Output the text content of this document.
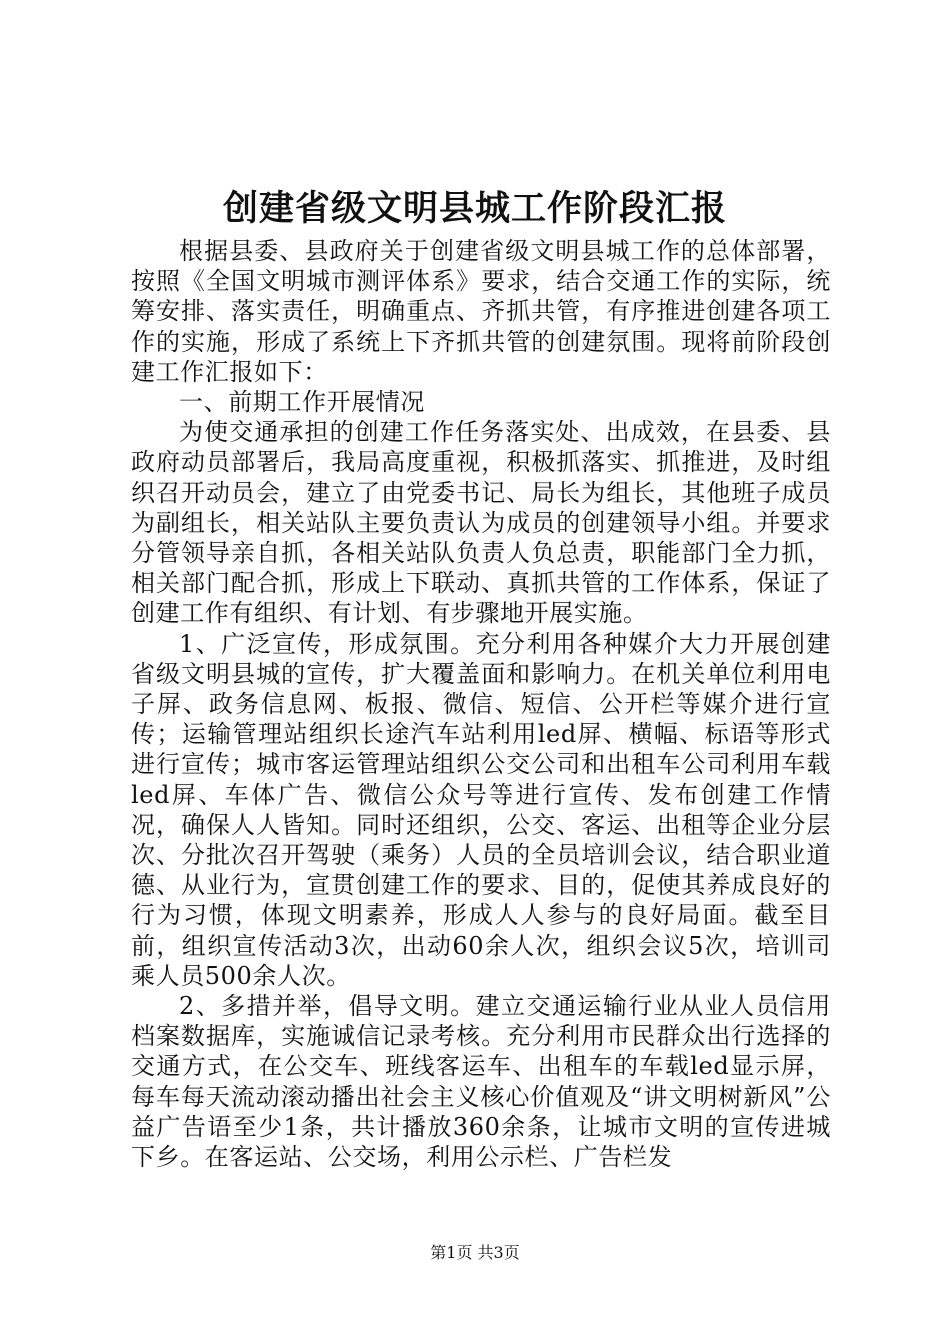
创建省级文明县城工作阶段汇报

根据县委、县政府关于创建省级文明县城工作的总体部署，按照《全国文明城市测评体系》要求，结合交通工作的实际，统筹安排、落实责任，明确重点、齐抓共管，有序推进创建各项工作的实施，形成了系统上下齐抓共管的创建氛围。现将前阶段创建工作汇报如下：

一、前期工作开展情况

为使交通承担的创建工作任务落实处、出成效，在县委、县政府动员部署后，我局高度重视，积极抓落实、抓推进，及时组织召开动员会，建立了由党委书记、局长为组长，其他班子成员为副组长，相关站队主要负责认为成员的创建领导小组。并要求分管领导亲自抓，各相关站队负责人负总责，职能部门全力抓，相关部门配合抓，形成上下联动、真抓共管的工作体系，保证了创建工作有组织、有计划、有步骤地开展实施。

1、广泛宣传，形成氛围。充分利用各种媒介大力开展创建省级文明县城的宣传，扩大覆盖面和影响力。在机关单位利用电子屏、政务信息网、板报、微信、短信、公开栏等媒介进行宣传；运输管理站组织长途汽车站利用led屏、横幅、标语等形式进行宣传；城市客运管理站组织公交公司和出租车公司利用车载led屏、车体广告、微信公众号等进行宣传、发布创建工作情况，确保人人皆知。同时还组织，公交、客运、出租等企业分层次、分批次召开驾驶（乘务）人员的全员培训会议，结合职业道德、从业行为，宣贯创建工作的要求、目的，促使其养成良好的行为习惯，体现文明素养，形成人人参与的良好局面。截至目前，组织宣传活动3次，出动60余人次，组织会议5次，培训司乘人员500余人次。

2、多措并举，倡导文明。建立交通运输行业从业人员信用档案数据库，实施诚信记录考核。充分利用市民群众出行选择的交通方式，在公交车、班线客运车、出租车的车载led显示屏，每车每天流动滚动播出社会主义核心价值观及“讲文明树新风”公益广告语至少1条，共计播放360余条，让城市文明的宣传进城下乡。在客运站、公交场，利用公示栏、广告栏发

第1页 共3页
